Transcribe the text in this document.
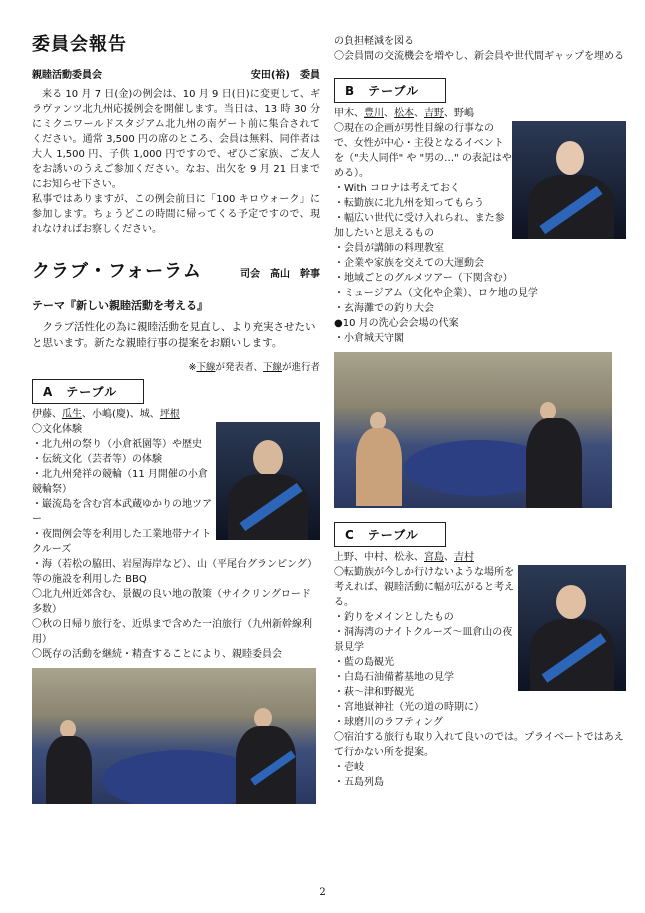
委員会報告
親睦活動委員会	安田(裕)　委員
来る 10 月 7 日(金)の例会は、10 月 9 日(日)に変更して、ギラヴァンツ北九州応援例会を開催します。当日は、13 時 30 分にミクニワールドスタジアム北九州の南ゲート前に集合されてください。通常 3,500 円の席のところ、会員は無料、同伴者は大人 1,500 円、子供 1,000 円ですので、ぜひご家族、ご友人をお誘いのうえご参加ください。なお、出欠を 9 月 21 日までにお知らせ下さい。
私事ではありますが、この例会前日に「100 キロウォーク」に参加します。ちょうどこの時間に帰ってくる予定ですので、現れなければお察しください。
クラブ・フォーラム	司会　高山　幹事
テーマ『新しい親睦活動を考える』
クラブ活性化の為に親睦活動を見直し、より充実させたいと思います。新たな親睦行事の提案をお願いします。
※下線が発表者、下線が進行者
A　テーブル
伊藤、瓜生、小嶋(慶)、城、坪根
〇文化体験
・北九州の祭り（小倉祇園等）や歴史
・伝統文化（芸者等）の体験
・北九州発祥の競輪（11 月開催の小倉競輪祭）
・巌流島を含む宮本武蔵ゆかりの地ツアー
・夜間例会等を利用した工業地帯ナイトクルーズ
・海（若松の脇田、岩屋海岸など）、山（平尾台グランピング）等の施設を利用した BBQ
〇北九州近郊含む、景観の良い地の散策（サイクリングロード多数）
〇秋の日帰り旅行を、近県まで含めた一泊旅行（九州新幹線利用）
〇既存の活動を継続・精査することにより、親睦委員会
の負担軽減を図る
〇会員間の交流機会を増やし、新会員や世代間ギャップを埋める
B　テーブル
甲木、豊川、松本、吉野、野嶋
〇現在の企画が男性目線の行事なので、女性が中心・主役となるイベントを（"夫人同伴" や "男の…" の表記はやめる）。
・With コロナは考えておく
・転勤族に北九州を知ってもらう
・幅広い世代に受け入れられ、また参加したいと思えるもの
・会員が講師の料理教室
・企業や家族を交えての大運動会
・地域ごとのグルメツアー（下関含む）
・ミュージアム（文化や企業）、ロケ地の見学
・玄海灘での釣り大会
●10 月の洗心会会場の代案
・小倉城天守閣
C　テーブル
上野、中村、松永、宮島、吉村
〇転勤族が今しか行けないような場所を考えれば、親睦活動に幅が広がると考える。
・釣りをメインとしたもの
・洞海湾のナイトクルーズ～皿倉山の夜景見学
・藍の島観光
・白島石油備蓄基地の見学
・萩～津和野観光
・宮地嶽神社（光の道の時期に）
・球磨川のラフティング
〇宿泊する旅行も取り入れて良いのでは。プライベートではあえて行かない所を提案。
・壱岐
・五島列島
2
